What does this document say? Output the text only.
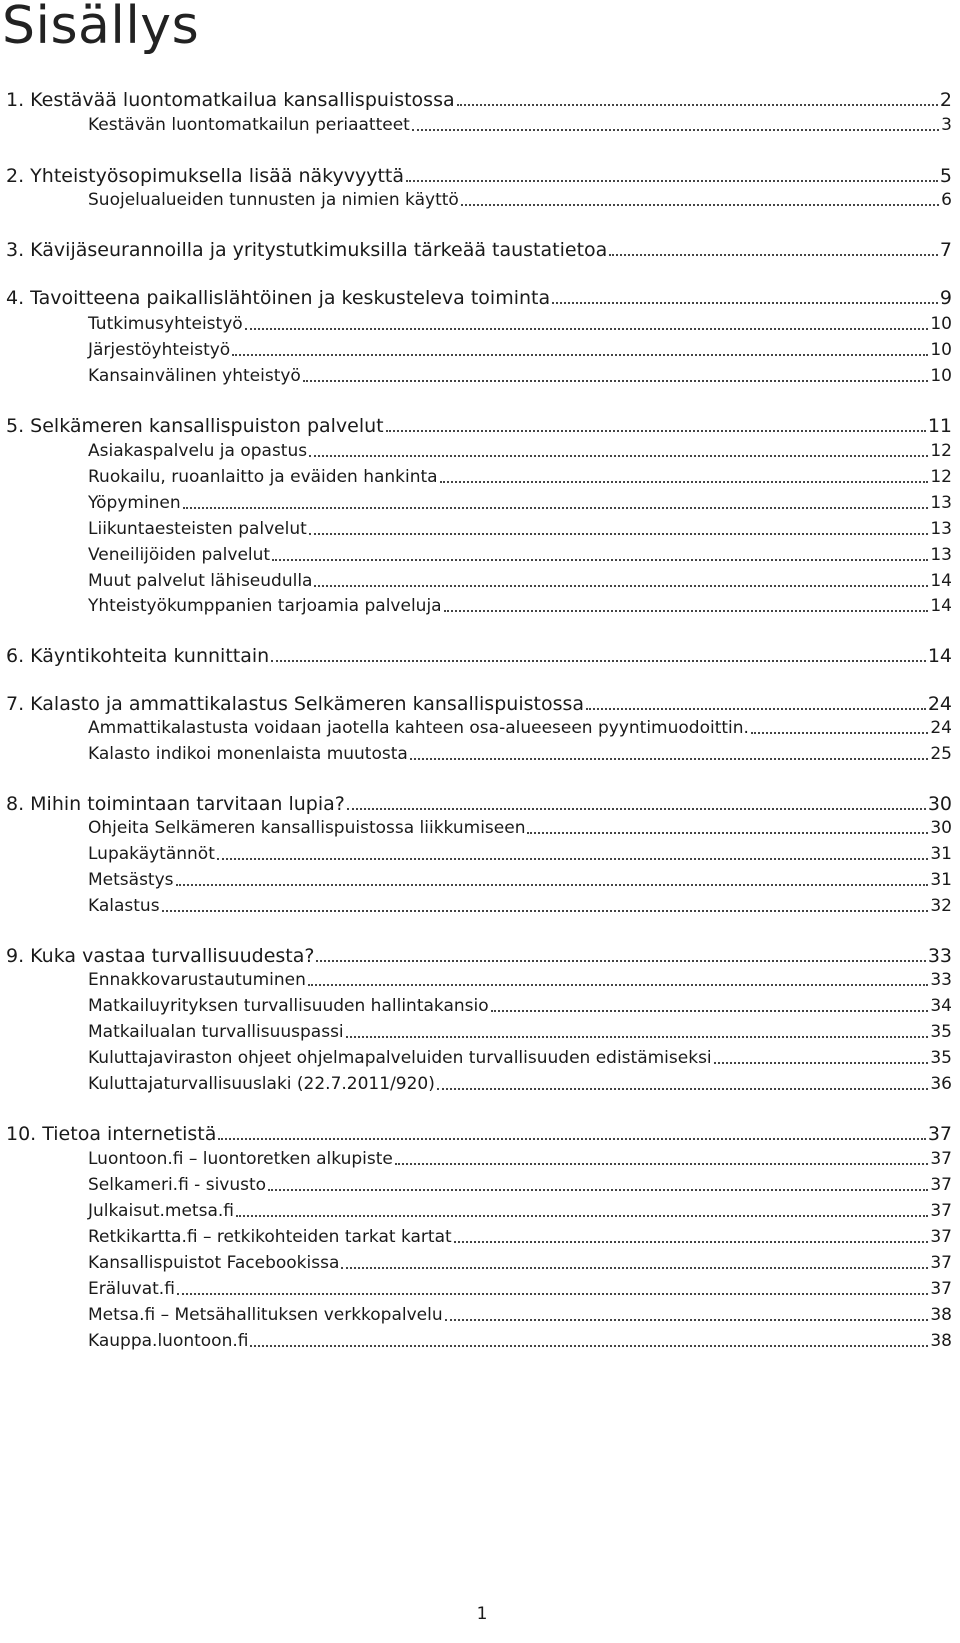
Sisällys
1. Kestävää luontomatkailua kansallispuistossa	2
Kestävän luontomatkailun periaatteet	3
2. Yhteistyösopimuksella lisää näkyvyyttä	5
Suojelualueiden tunnusten ja nimien käyttö	6
3. Kävijäseurannoilla ja yritystutkimuksilla tärkeää taustatietoa	7
4. Tavoitteena paikallislähtöinen ja keskusteleva toiminta	9
Tutkimusyhteistyö	10
Järjestöyhteistyö	10
Kansainvälinen yhteistyö	10
5. Selkämeren kansallispuiston palvelut	11
Asiakaspalvelu ja opastus	12
Ruokailu, ruoanlaitto ja eväiden hankinta	12
Yöpyminen	13
Liikuntaesteisten palvelut	13
Veneilijöiden palvelut	13
Muut palvelut lähiseudulla	14
Yhteistyökumppanien tarjoamia palveluja	14
6. Käyntikohteita kunnittain	14
7. Kalasto ja ammattikalastus Selkämeren kansallispuistossa	24
Ammattikalastusta voidaan jaotella kahteen osa-alueeseen pyyntimuodoittin.	24
Kalasto indikoi monenlaista muutosta	25
8. Mihin toimintaan tarvitaan lupia?	30
Ohjeita Selkämeren kansallispuistossa liikkumiseen	30
Lupakäytännöt	31
Metsästys	31
Kalastus	32
9. Kuka vastaa turvallisuudesta?	33
Ennakkovarustautuminen	33
Matkailuyrityksen turvallisuuden hallintakansio	34
Matkailualan turvallisuuspassi	35
Kuluttajaviraston ohjeet ohjelmapalveluiden turvallisuuden edistämiseksi	35
Kuluttajaturvallisuuslaki (22.7.2011/920)	36
10. Tietoa internetistä	37
Luontoon.fi – luontoretken alkupiste	37
Selkameri.fi - sivusto	37
Julkaisut.metsa.fi	37
Retkikartta.fi – retkikohteiden tarkat kartat	37
Kansallispuistot Facebookissa	37
Eräluvat.fi	37
Metsa.fi – Metsähallituksen verkkopalvelu	38
Kauppa.luontoon.fi	38
1
